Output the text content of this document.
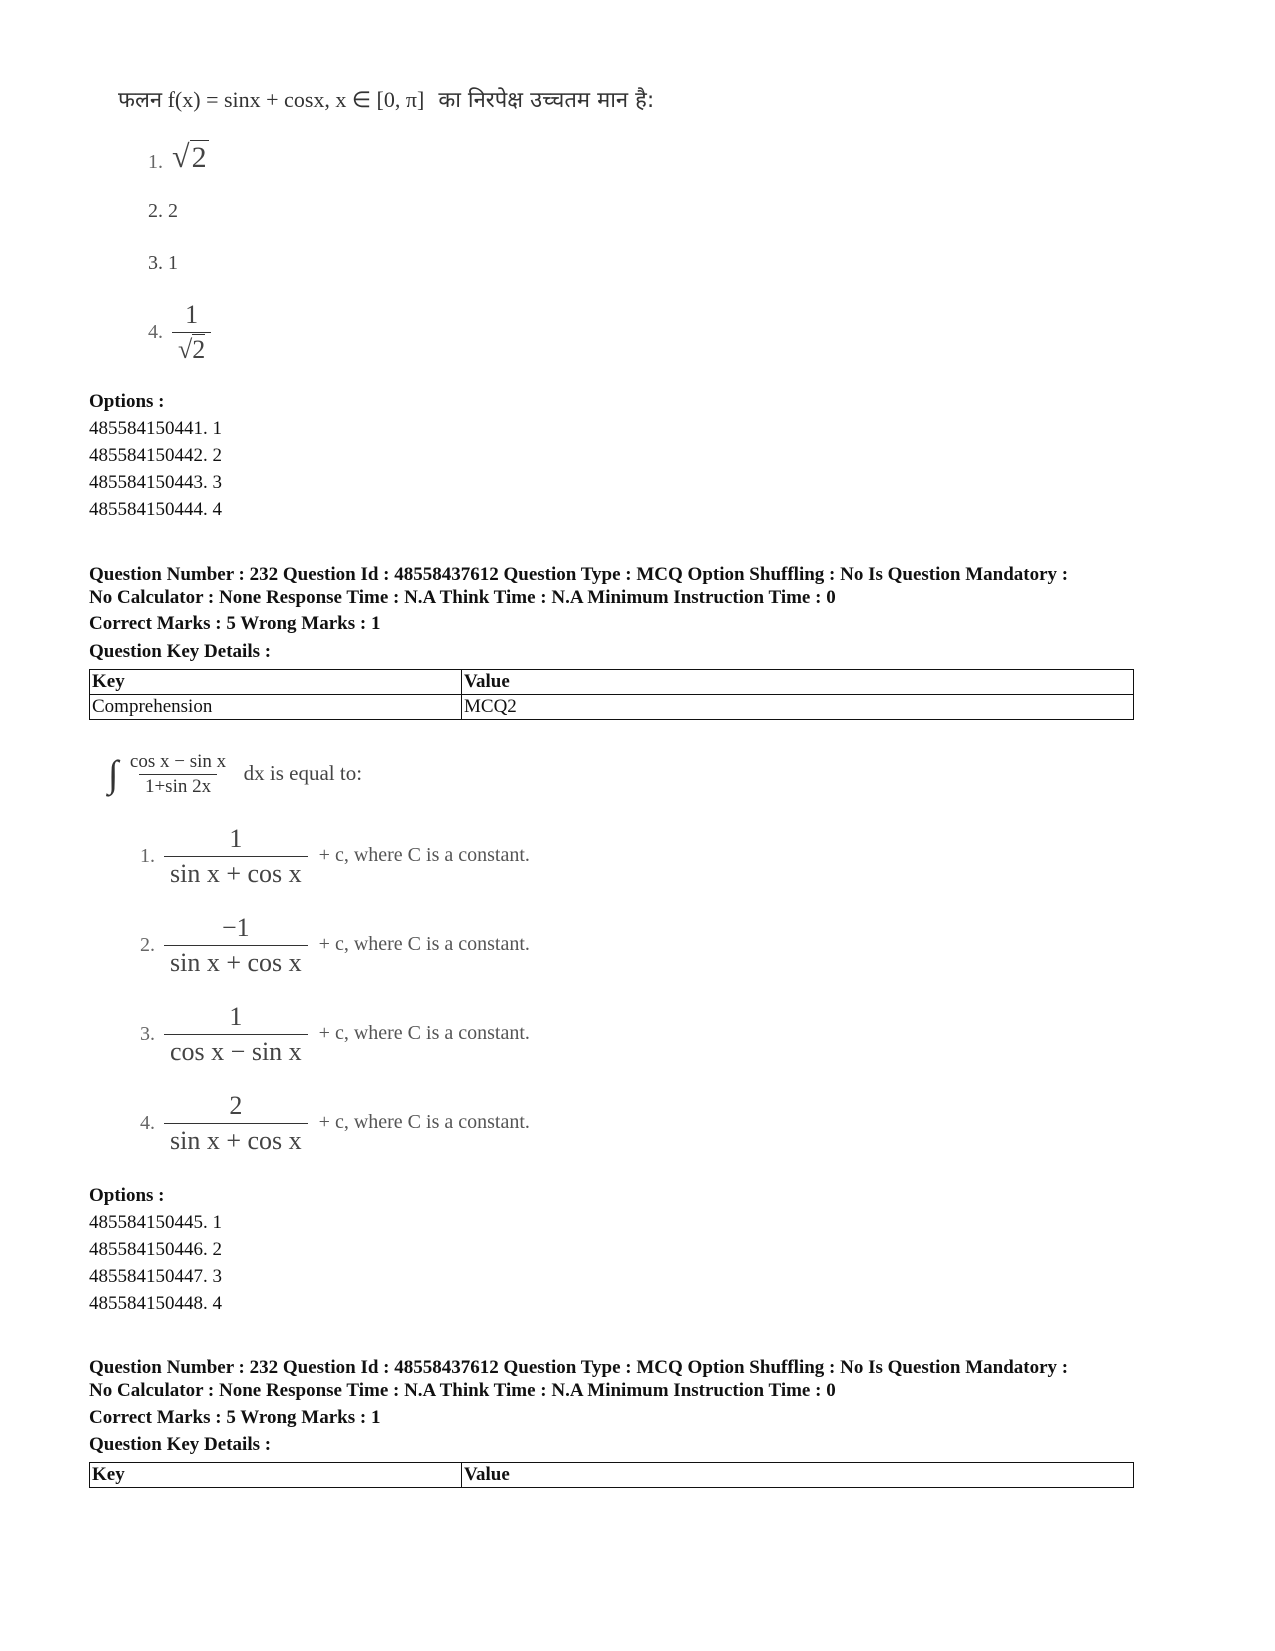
फलन f(x) = sinx + cosx, x ∈ [0, π] का निरपेक्ष उच्चतम मान है:
1. √2
2. 2
3. 1
4. $\frac{1}{√2}$
Options :
485584150441. 1
485584150442. 2
485584150443. 3
485584150444. 4
Question Number : 232 Question Id : 48558437612 Question Type : MCQ Option Shuffling : No Is Question Mandatory :
No Calculator : None Response Time : N.A Think Time : N.A Minimum Instruction Time : 0
Correct Marks : 5 Wrong Marks : 1
Question Key Details :
Key	Value
Comprehension	MCQ2
∫ $\frac{\text{cos x − sin x}}{1+\sin 2x}$ dx is equal to:
1. $\frac{1}{\text{sin x + cos x}} + c$, where C is a constant.
2. $\frac{-1}{\text{sin x + cos x}} + c$, where C is a constant.
3. $\frac{1}{\text{cos x − sin x}} + c$, where C is a constant.
4. $\frac{2}{\text{sin x + cos x}} + c$, where C is a constant.
Options :
485584150445. 1
485584150446. 2
485584150447. 3
485584150448. 4
Question Number : 232 Question Id : 48558437612 Question Type : MCQ Option Shuffling : No Is Question Mandatory :
No Calculator : None Response Time : N.A Think Time : N.A Minimum Instruction Time : 0
Correct Marks : 5 Wrong Marks : 1
Question Key Details :
Key	Value
